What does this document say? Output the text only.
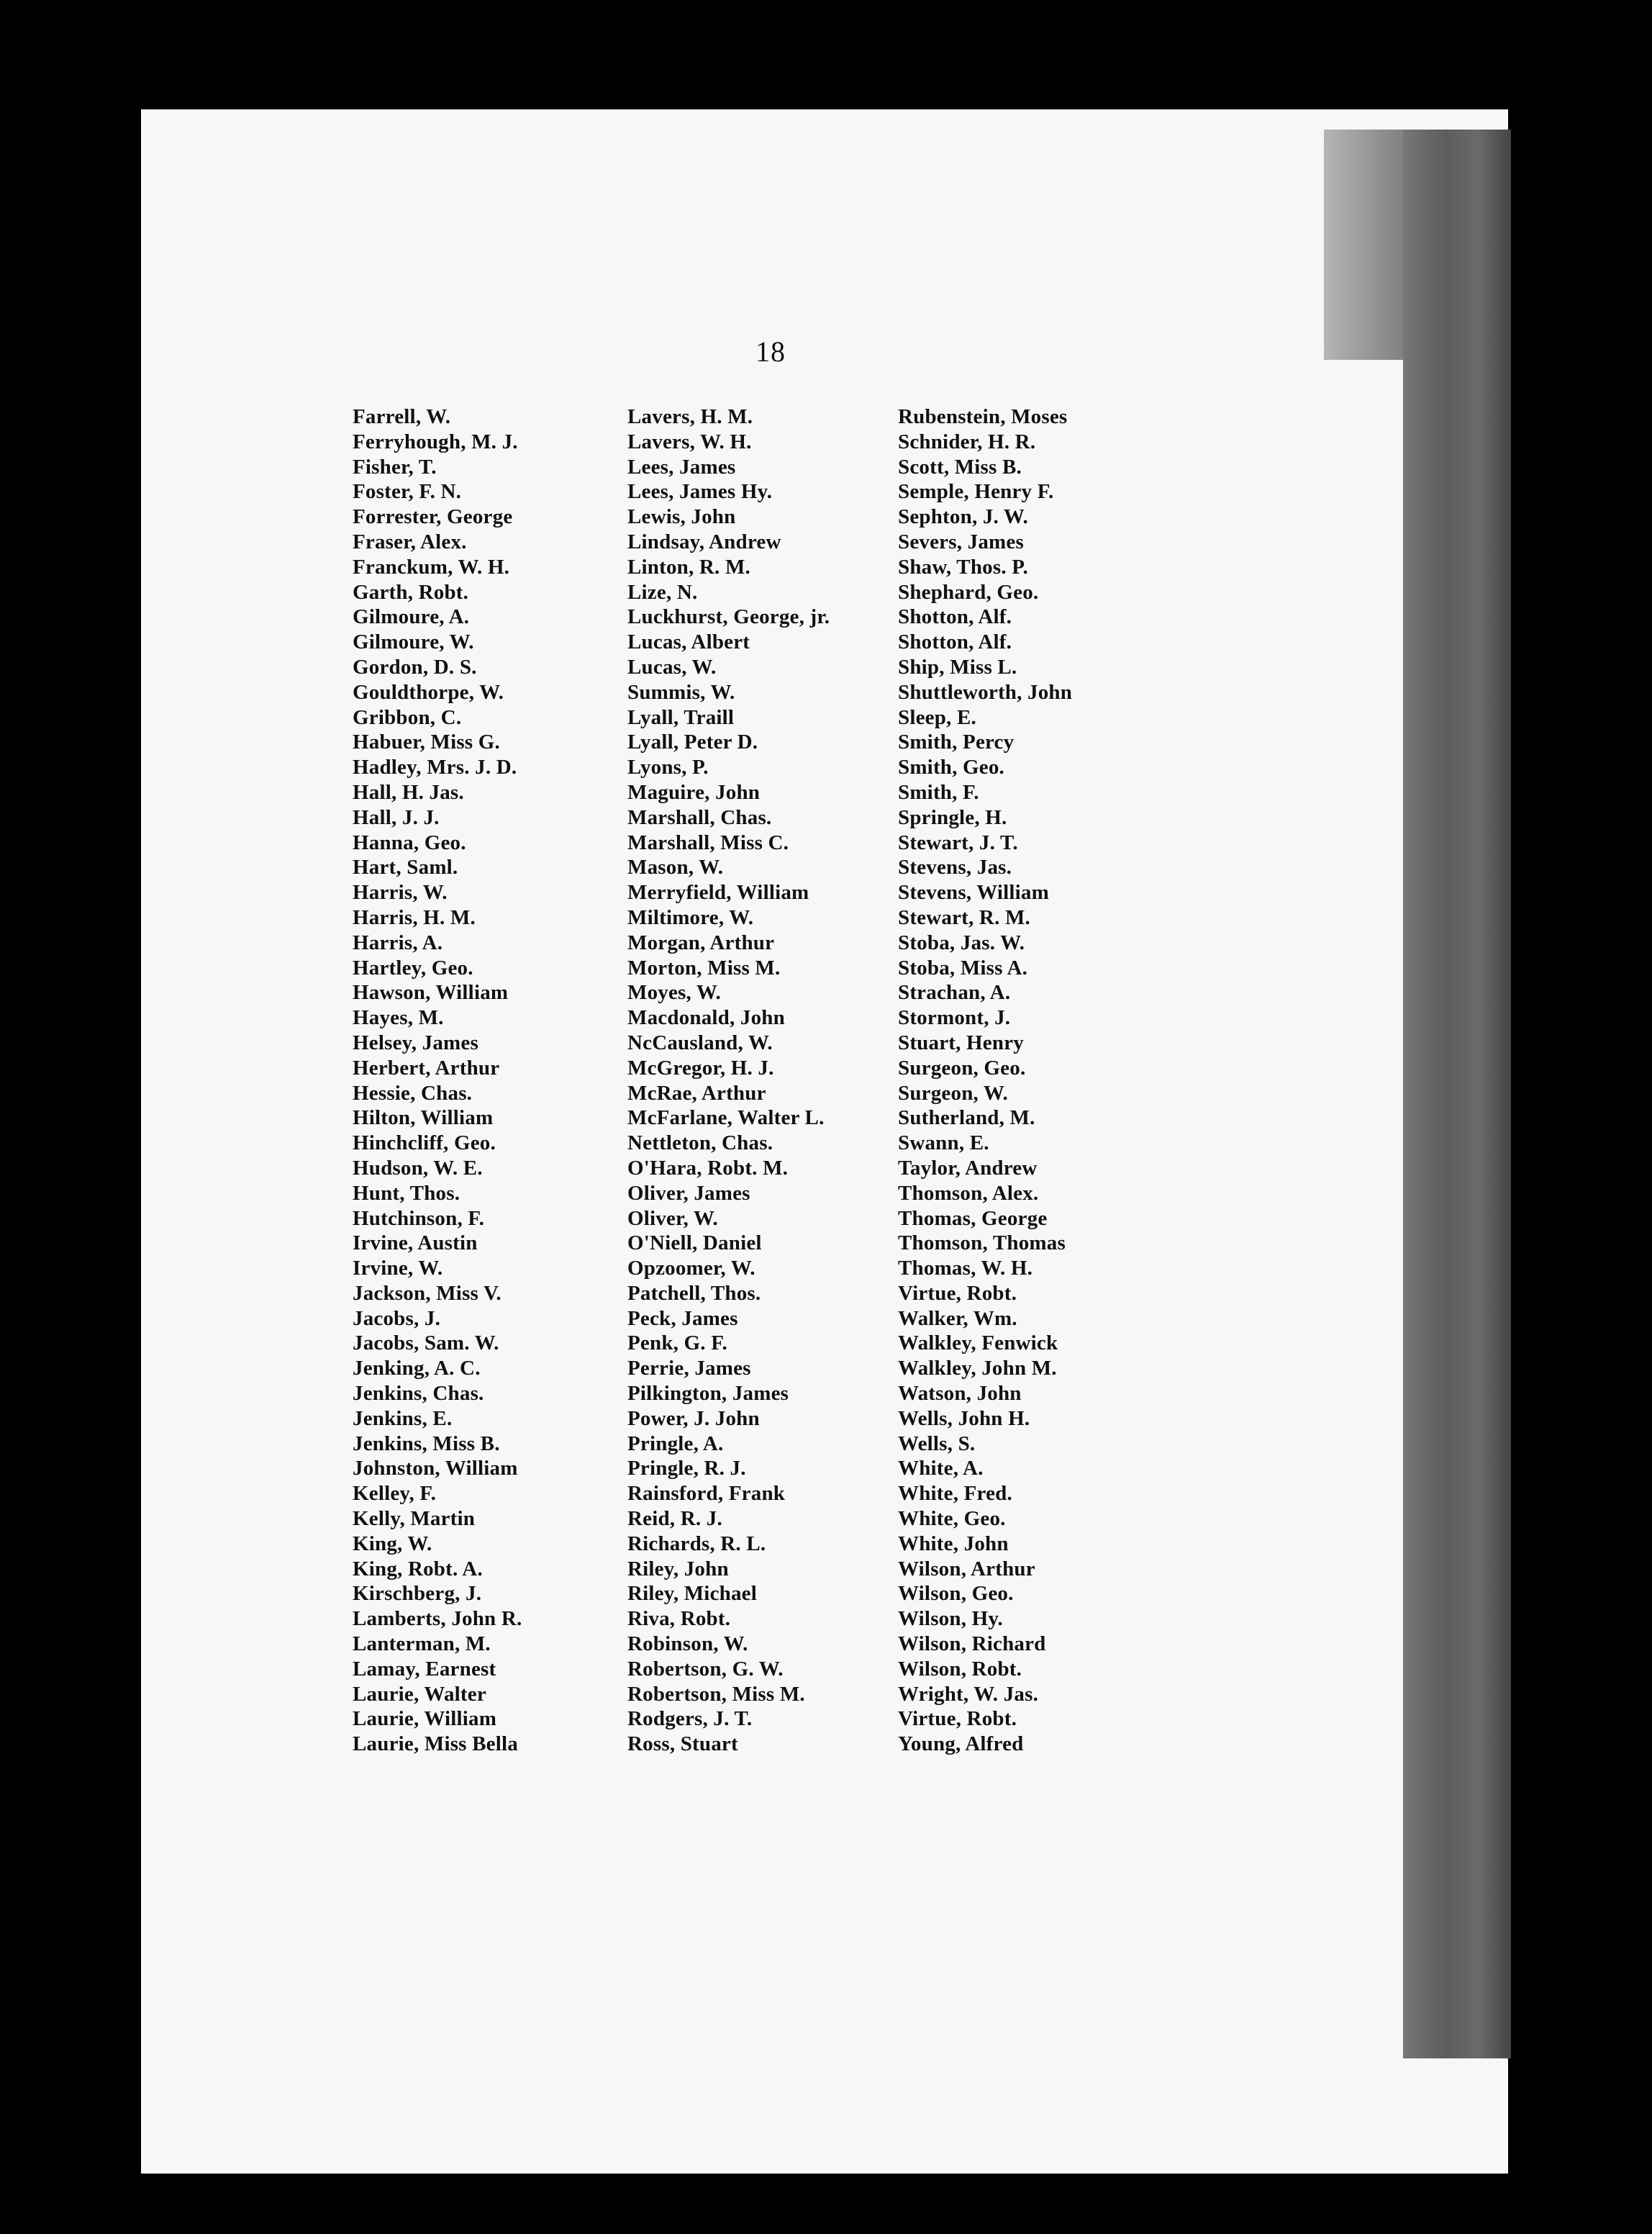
18
Farrell, W.
Ferryhough, M. J.
Fisher, T.
Foster, F. N.
Forrester, George
Fraser, Alex.
Franckum, W. H.
Garth, Robt.
Gilmoure, A.
Gilmoure, W.
Gordon, D. S.
Gouldthorpe, W.
Gribbon, C.
Habuer, Miss G.
Hadley, Mrs. J. D.
Hall, H. Jas.
Hall, J. J.
Hanna, Geo.
Hart, Saml.
Harris, W.
Harris, H. M.
Harris, A.
Hartley, Geo.
Hawson, William
Hayes, M.
Helsey, James
Herbert, Arthur
Hessie, Chas.
Hilton, William
Hinchcliff, Geo.
Hudson, W. E.
Hunt, Thos.
Hutchinson, F.
Irvine, Austin
Irvine, W.
Jackson, Miss V.
Jacobs, J.
Jacobs, Sam. W.
Jenking, A. C.
Jenkins, Chas.
Jenkins, E.
Jenkins, Miss B.
Johnston, William
Kelley, F.
Kelly, Martin
King, W.
King, Robt. A.
Kirschberg, J.
Lamberts, John R.
Lanterman, M.
Lamay, Earnest
Laurie, Walter
Laurie, William
Laurie, Miss Bella
Lavers, H. M.
Lavers, W. H.
Lees, James
Lees, James Hy.
Lewis, John
Lindsay, Andrew
Linton, R. M.
Lize, N.
Luckhurst, George, jr.
Lucas, Albert
Lucas, W.
Summis, W.
Lyall, Traill
Lyall, Peter D.
Lyons, P.
Maguire, John
Marshall, Chas.
Marshall, Miss C.
Mason, W.
Merryfield, William
Miltimore, W.
Morgan, Arthur
Morton, Miss M.
Moyes, W.
Macdonald, John
NcCausland, W.
McGregor, H. J.
McRae, Arthur
McFarlane, Walter L.
Nettleton, Chas.
O'Hara, Robt. M.
Oliver, James
Oliver, W.
O'Niell, Daniel
Opzoomer, W.
Patchell, Thos.
Peck, James
Penk, G. F.
Perrie, James
Pilkington, James
Power, J. John
Pringle, A.
Pringle, R. J.
Rainsford, Frank
Reid, R. J.
Richards, R. L.
Riley, John
Riley, Michael
Riva, Robt.
Robinson, W.
Robertson, G. W.
Robertson, Miss M.
Rodgers, J. T.
Ross, Stuart
Rubenstein, Moses
Schnider, H. R.
Scott, Miss B.
Semple, Henry F.
Sephton, J. W.
Severs, James
Shaw, Thos. P.
Shephard, Geo.
Shotton, Alf.
Shotton, Alf.
Ship, Miss L.
Shuttleworth, John
Sleep, E.
Smith, Percy
Smith, Geo.
Smith, F.
Springle, H.
Stewart, J. T.
Stevens, Jas.
Stevens, William
Stewart, R. M.
Stoba, Jas. W.
Stoba, Miss A.
Strachan, A.
Stormont, J.
Stuart, Henry
Surgeon, Geo.
Surgeon, W.
Sutherland, M.
Swann, E.
Taylor, Andrew
Thomson, Alex.
Thomas, George
Thomson, Thomas
Thomas, W. H.
Virtue, Robt.
Walker, Wm.
Walkley, Fenwick
Walkley, John M.
Watson, John
Wells, John H.
Wells, S.
White, A.
White, Fred.
White, Geo.
White, John
Wilson, Arthur
Wilson, Geo.
Wilson, Hy.
Wilson, Richard
Wilson, Robt.
Wright, W. Jas.
Virtue, Robt.
Young, Alfred
